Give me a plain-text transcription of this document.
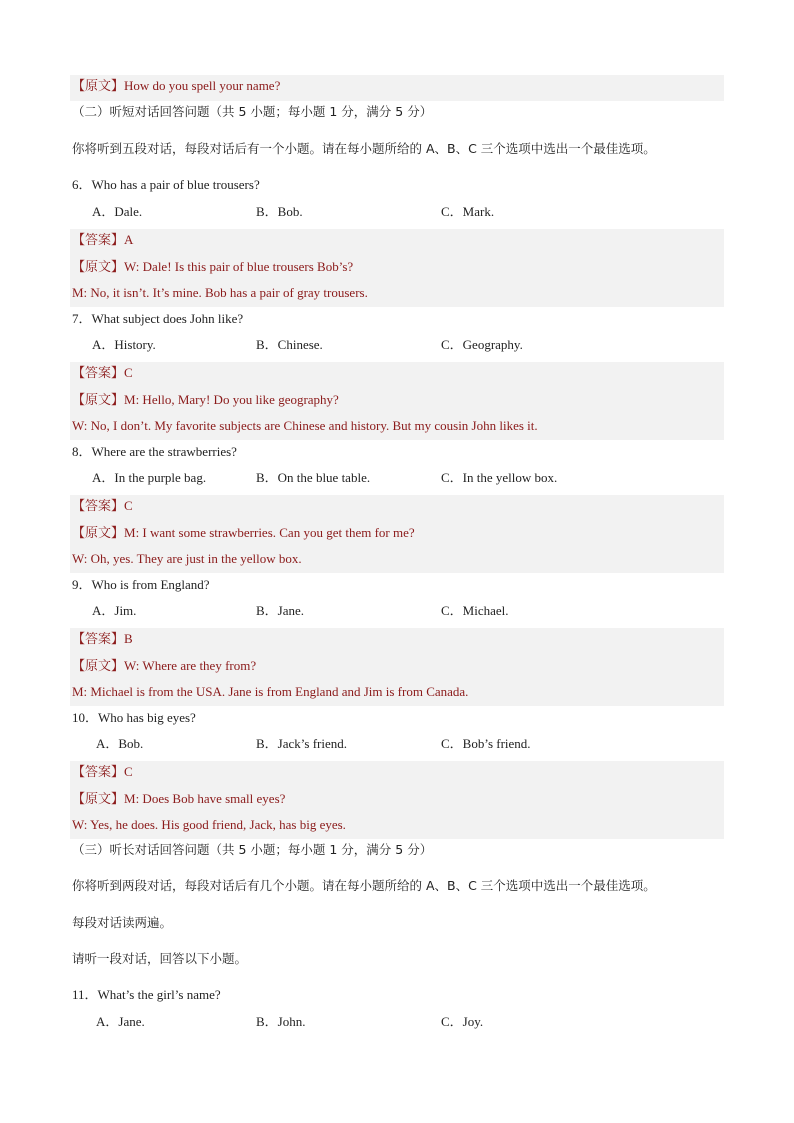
【原文】How do you spell your name?
（二）听短对话回答问题（共 5 小题；每小题 1 分，满分 5 分）
你将听到五段对话，每段对话后有一个小题。请在每小题所给的 A、B、C 三个选项中选出一个最佳选项。
6．Who has a pair of blue trousers?
A．Dale.	B．Bob.	C．Mark.
【答案】A
【原文】W: Dale! Is this pair of blue trousers Bob’s?
M: No, it isn’t. It’s mine. Bob has a pair of gray trousers.
7．What subject does John like?
A．History.	B．Chinese.	C．Geography.
【答案】C
【原文】M: Hello, Mary! Do you like geography?
W: No, I don’t. My favorite subjects are Chinese and history. But my cousin John likes it.
8．Where are the strawberries?
A．In the purple bag.	B．On the blue table.	C．In the yellow box.
【答案】C
【原文】M: I want some strawberries. Can you get them for me?
W: Oh, yes. They are just in the yellow box.
9．Who is from England?
A．Jim.	B．Jane.	C．Michael.
【答案】B
【原文】W: Where are they from?
M: Michael is from the USA. Jane is from England and Jim is from Canada.
10．Who has big eyes?
A．Bob.	B．Jack’s friend.	C．Bob’s friend.
【答案】C
【原文】M: Does Bob have small eyes?
W: Yes, he does. His good friend, Jack, has big eyes.
（三）听长对话回答问题（共 5 小题；每小题 1 分，满分 5 分）
你将听到两段对话，每段对话后有几个小题。请在每小题所给的 A、B、C 三个选项中选出一个最佳选项。
每段对话读两遍。
请听一段对话，回答以下小题。
11．What’s the girl’s name?
A．Jane.	B．John.	C．Joy.
